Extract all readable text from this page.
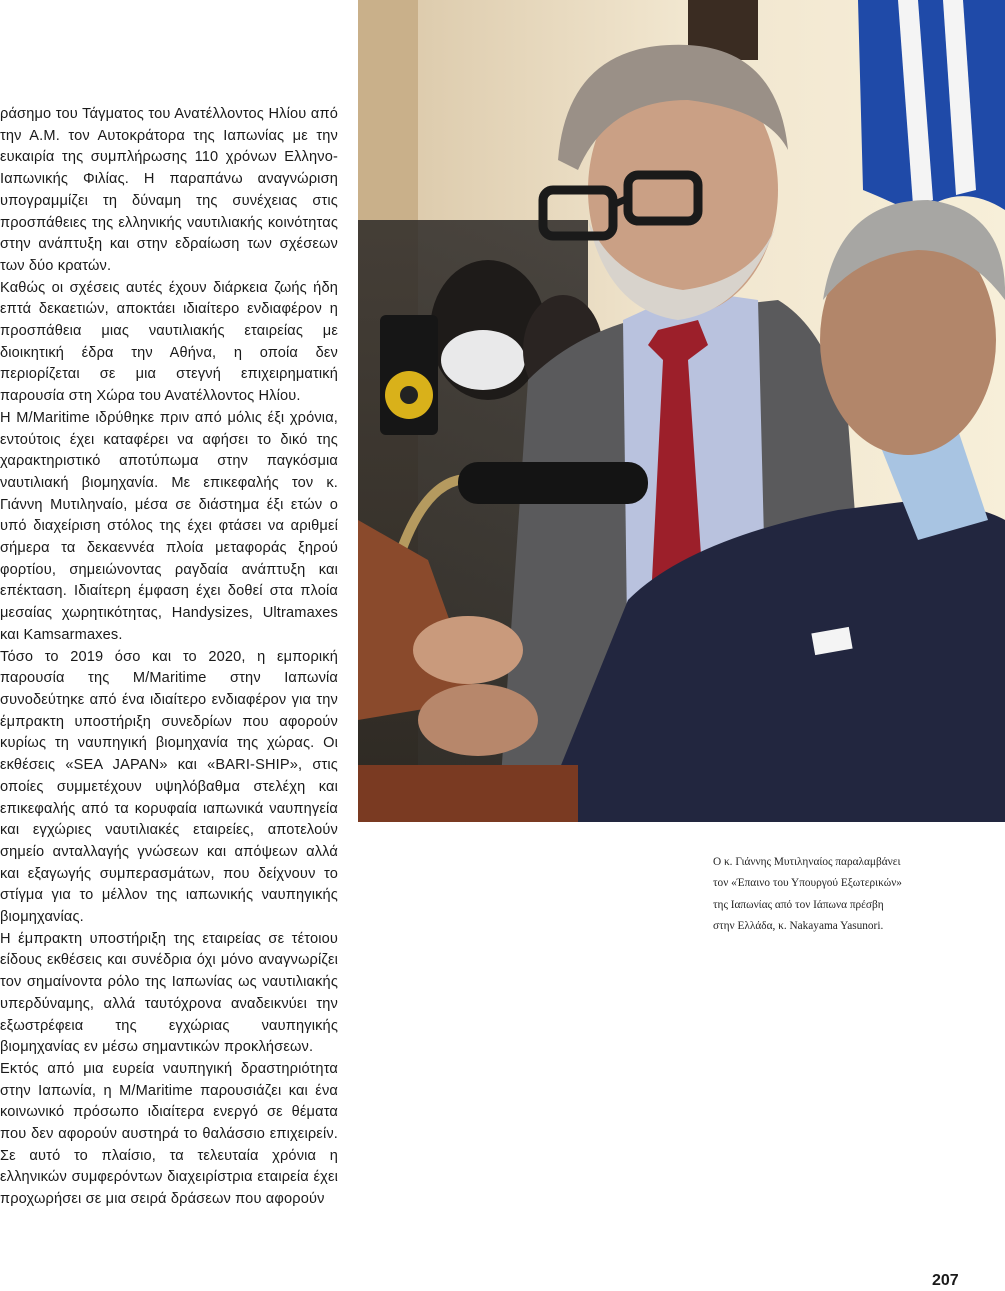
ράσημο του Τάγματος του Ανατέλλοντος Ηλίου από την Α.Μ. τον Αυτοκράτορα της Ιαπωνίας με την ευκαιρία της συμπλήρωσης 110 χρόνων Ελληνο-Ιαπωνικής Φιλίας. Η παραπάνω αναγνώριση υπογραμμίζει τη δύναμη της συνέχειας στις προσπάθειες της ελληνικής ναυτιλιακής κοινότητας στην ανάπτυξη και στην εδραίωση των σχέσεων των δύο κρατών.

Καθώς οι σχέσεις αυτές έχουν διάρκεια ζωής ήδη επτά δεκαετιών, αποκτάει ιδιαίτερο ενδιαφέρον η προσπάθεια μιας ναυτιλιακής εταιρείας με διοικητική έδρα την Αθήνα, η οποία δεν περιορίζεται σε μια στεγνή επιχειρηματική παρουσία στη Χώρα του Ανατέλλοντος Ηλίου.

Η M/Maritime ιδρύθηκε πριν από μόλις έξι χρόνια, εντούτοις έχει καταφέρει να αφήσει το δικό της χαρακτηριστικό αποτύπωμα στην παγκόσμια ναυτιλιακή βιομηχανία. Με επικεφαλής τον κ. Γιάννη Μυτιληναίο, μέσα σε διάστημα έξι ετών ο υπό διαχείριση στόλος της έχει φτάσει να αριθμεί σήμερα τα δεκαεννέα πλοία μεταφοράς ξηρού φορτίου, σημειώνοντας ραγδαία ανάπτυξη και επέκταση. Ιδιαίτερη έμφαση έχει δοθεί στα πλοία μεσαίας χωρητικότητας, Handysizes, Ultramaxes και Kamsarmaxes.

Τόσο το 2019 όσο και το 2020, η εμπορική παρουσία της M/Maritime στην Ιαπωνία συνοδεύτηκε από ένα ιδιαίτερο ενδιαφέρον για την έμπρακτη υποστήριξη συνεδρίων που αφορούν κυρίως τη ναυπηγική βιομηχανία της χώρας. Οι εκθέσεις «SEA JAPAN» και «BARI-SHIP», στις οποίες συμμετέχουν υψηλόβαθμα στελέχη και επικεφαλής από τα κορυφαία ιαπωνικά ναυπηγεία και εγχώριες ναυτιλιακές εταιρείες, αποτελούν σημείο ανταλλαγής γνώσεων και απόψεων αλλά και εξαγωγής συμπερασμάτων, που δείχνουν το στίγμα για το μέλλον της ιαπωνικής ναυπηγικής βιομηχανίας.

Η έμπρακτη υποστήριξη της εταιρείας σε τέτοιου είδους εκθέσεις και συνέδρια όχι μόνο αναγνωρίζει τον σημαίνοντα ρόλο της Ιαπωνίας ως ναυτιλιακής υπερδύναμης, αλλά ταυτόχρονα αναδεικνύει την εξωστρέφεια της εγχώριας ναυπηγικής βιομηχανίας εν μέσω σημαντικών προκλήσεων.

Εκτός από μια ευρεία ναυπηγική δραστηριότητα στην Ιαπωνία, η M/Maritime παρουσιάζει και ένα κοινωνικό πρόσωπο ιδιαίτερα ενεργό σε θέματα που δεν αφορούν αυστηρά το θαλάσσιο επιχειρείν. Σε αυτό το πλαίσιο, τα τελευταία χρόνια η ελληνικών συμφερόντων διαχειρίστρια εταιρεία έχει προχωρήσει σε μια σειρά δράσεων που αφορούν

Ο κ. Γιάννης Μυτιληναίος παραλαμβάνει
τον «Έπαινο του Υπουργού Εξωτερικών»
της Ιαπωνίας από τον Ιάπωνα πρέσβη
στην Ελλάδα, κ. Nakayama Yasunori.
207
